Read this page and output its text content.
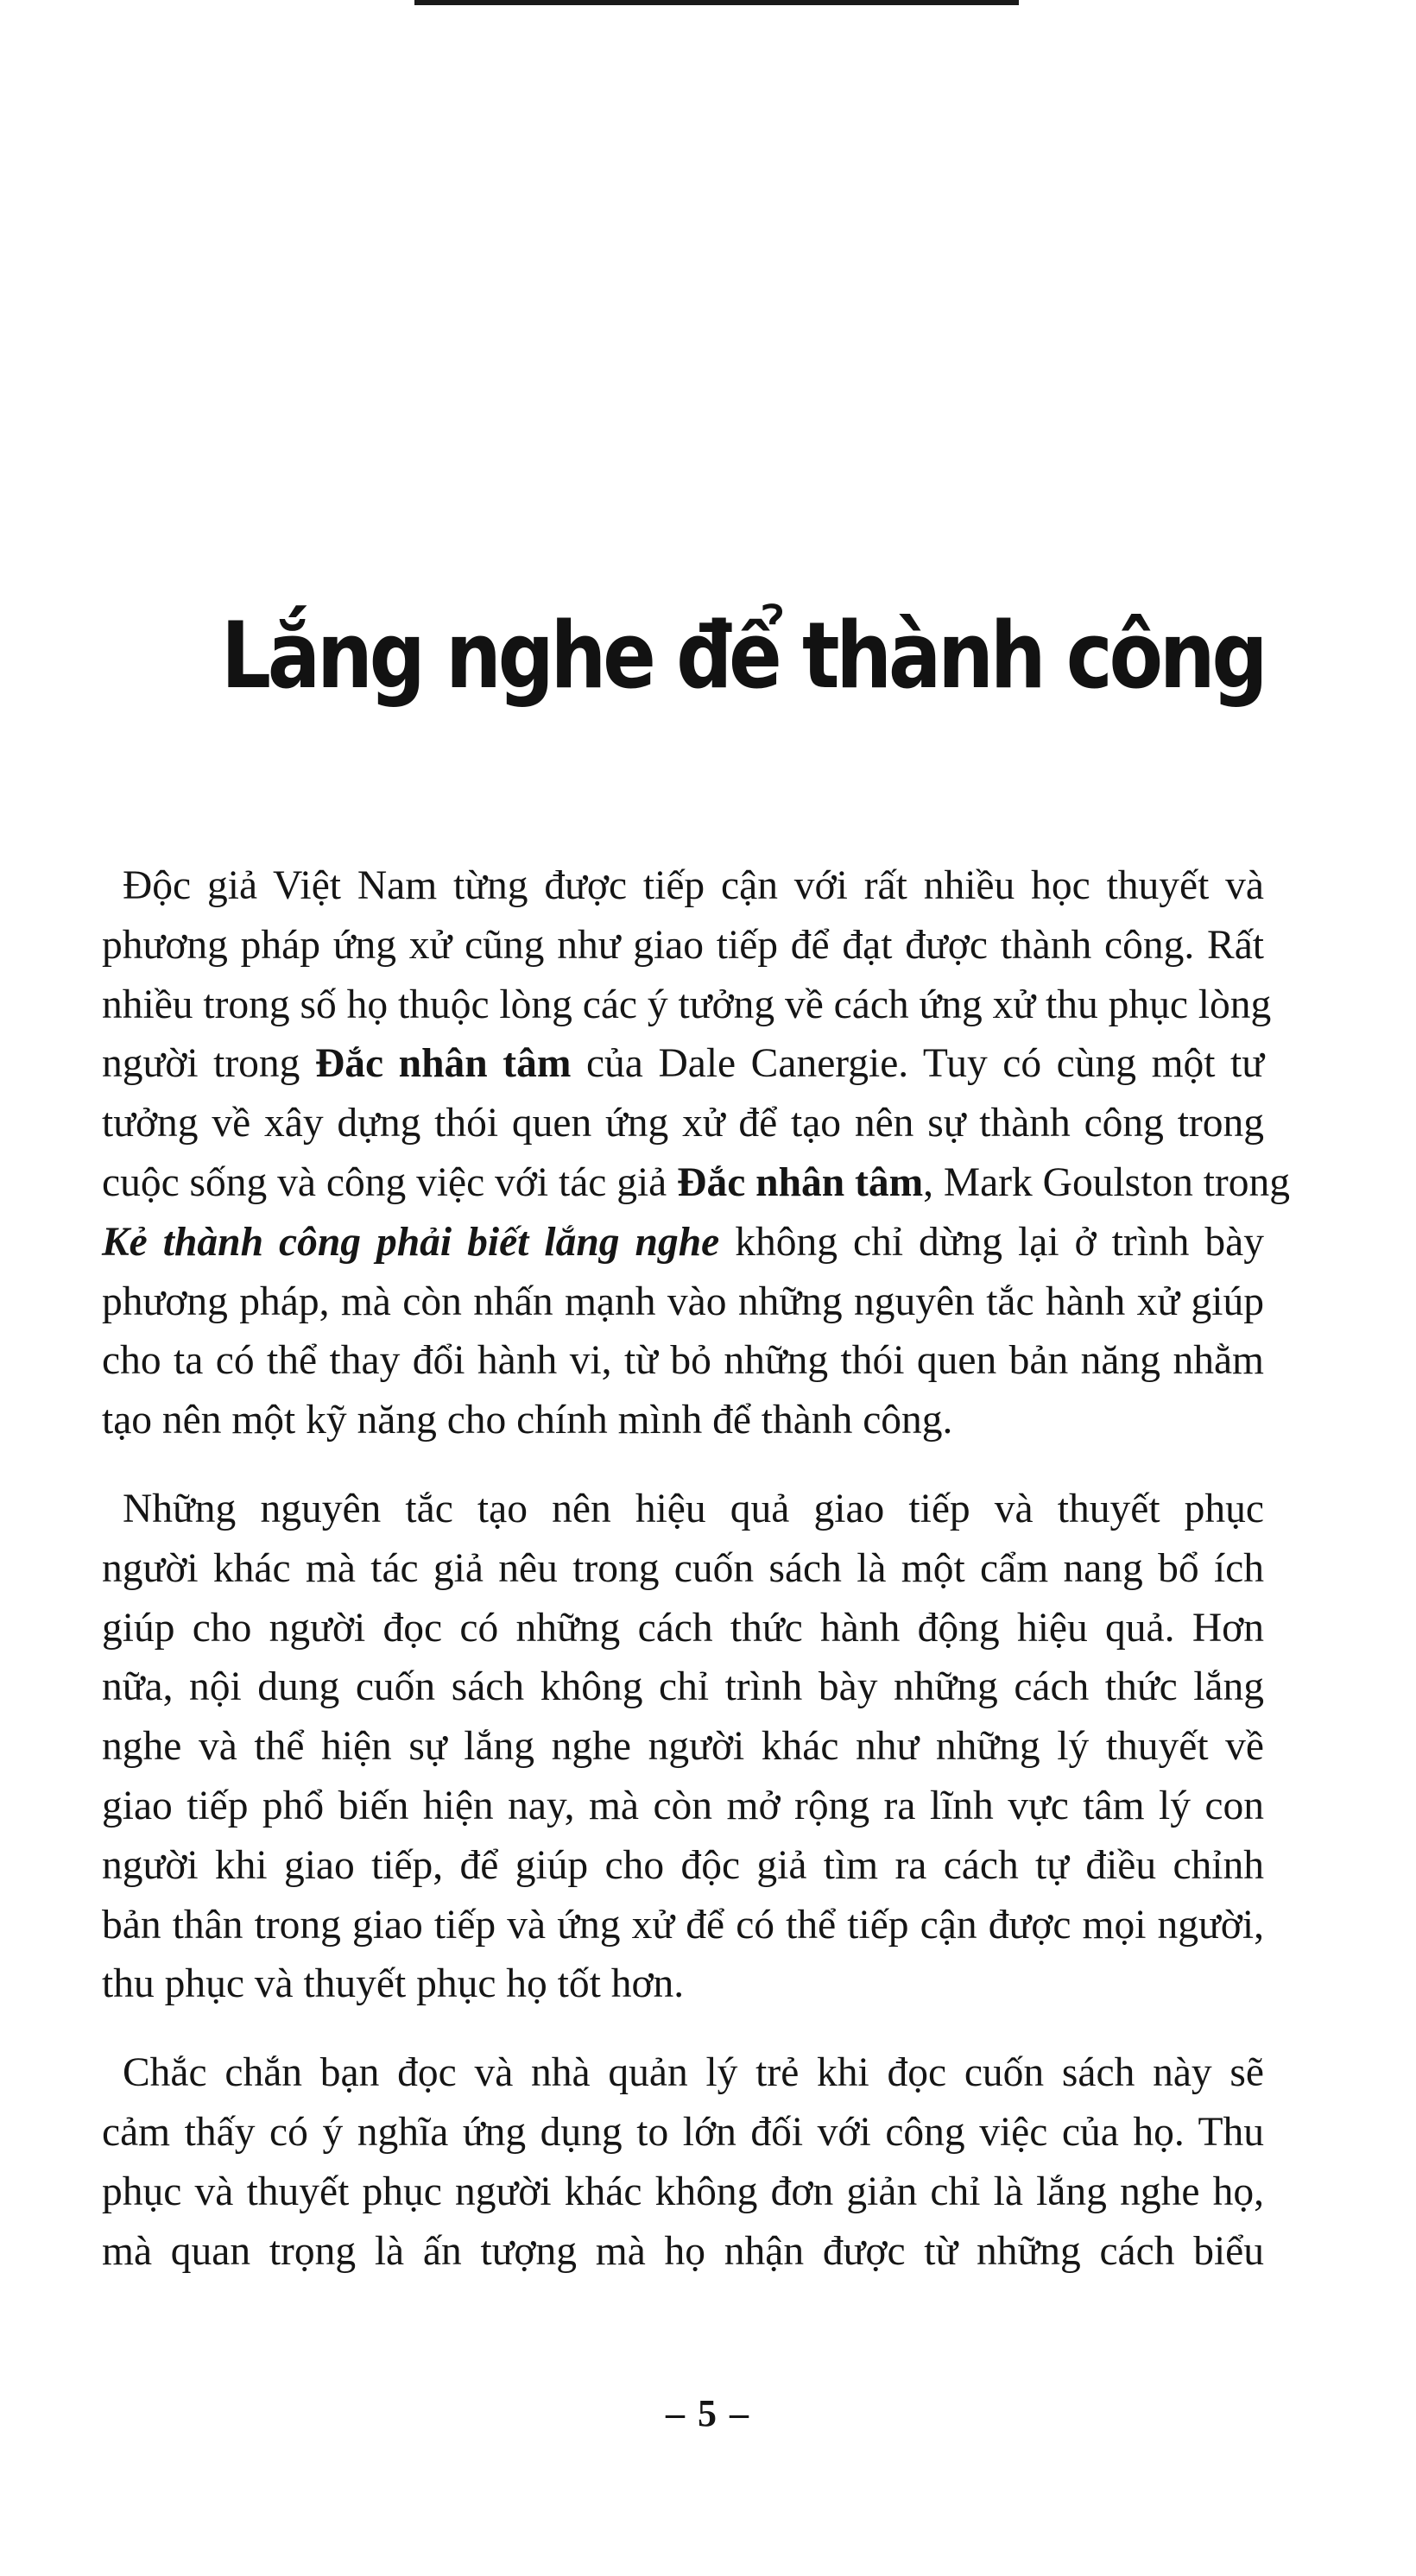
Lắng nghe để thành công

Độc giả Việt Nam từng được tiếp cận với rất nhiều học thuyết và
phương pháp ứng xử cũng như giao tiếp để đạt được thành công. Rất
nhiều trong số họ thuộc lòng các ý tưởng về cách ứng xử thu phục lòng
người trong Đắc nhân tâm của Dale Canergie. Tuy có cùng một tư
tưởng về xây dựng thói quen ứng xử để tạo nên sự thành công trong
cuộc sống và công việc với tác giả Đắc nhân tâm, Mark Goulston trong
Kẻ thành công phải biết lắng nghe không chỉ dừng lại ở trình bày
phương pháp, mà còn nhấn mạnh vào những nguyên tắc hành xử giúp
cho ta có thể thay đổi hành vi, từ bỏ những thói quen bản năng nhằm
tạo nên một kỹ năng cho chính mình để thành công.

Những nguyên tắc tạo nên hiệu quả giao tiếp và thuyết phục
người khác mà tác giả nêu trong cuốn sách là một cẩm nang bổ ích
giúp cho người đọc có những cách thức hành động hiệu quả. Hơn
nữa, nội dung cuốn sách không chỉ trình bày những cách thức lắng
nghe và thể hiện sự lắng nghe người khác như những lý thuyết về
giao tiếp phổ biến hiện nay, mà còn mở rộng ra lĩnh vực tâm lý con
người khi giao tiếp, để giúp cho độc giả tìm ra cách tự điều chỉnh
bản thân trong giao tiếp và ứng xử để có thể tiếp cận được mọi người,
thu phục và thuyết phục họ tốt hơn.

Chắc chắn bạn đọc và nhà quản lý trẻ khi đọc cuốn sách này sẽ
cảm thấy có ý nghĩa ứng dụng to lớn đối với công việc của họ. Thu
phục và thuyết phục người khác không đơn giản chỉ là lắng nghe họ,
mà quan trọng là ấn tượng mà họ nhận được từ những cách biểu

– 5 –
